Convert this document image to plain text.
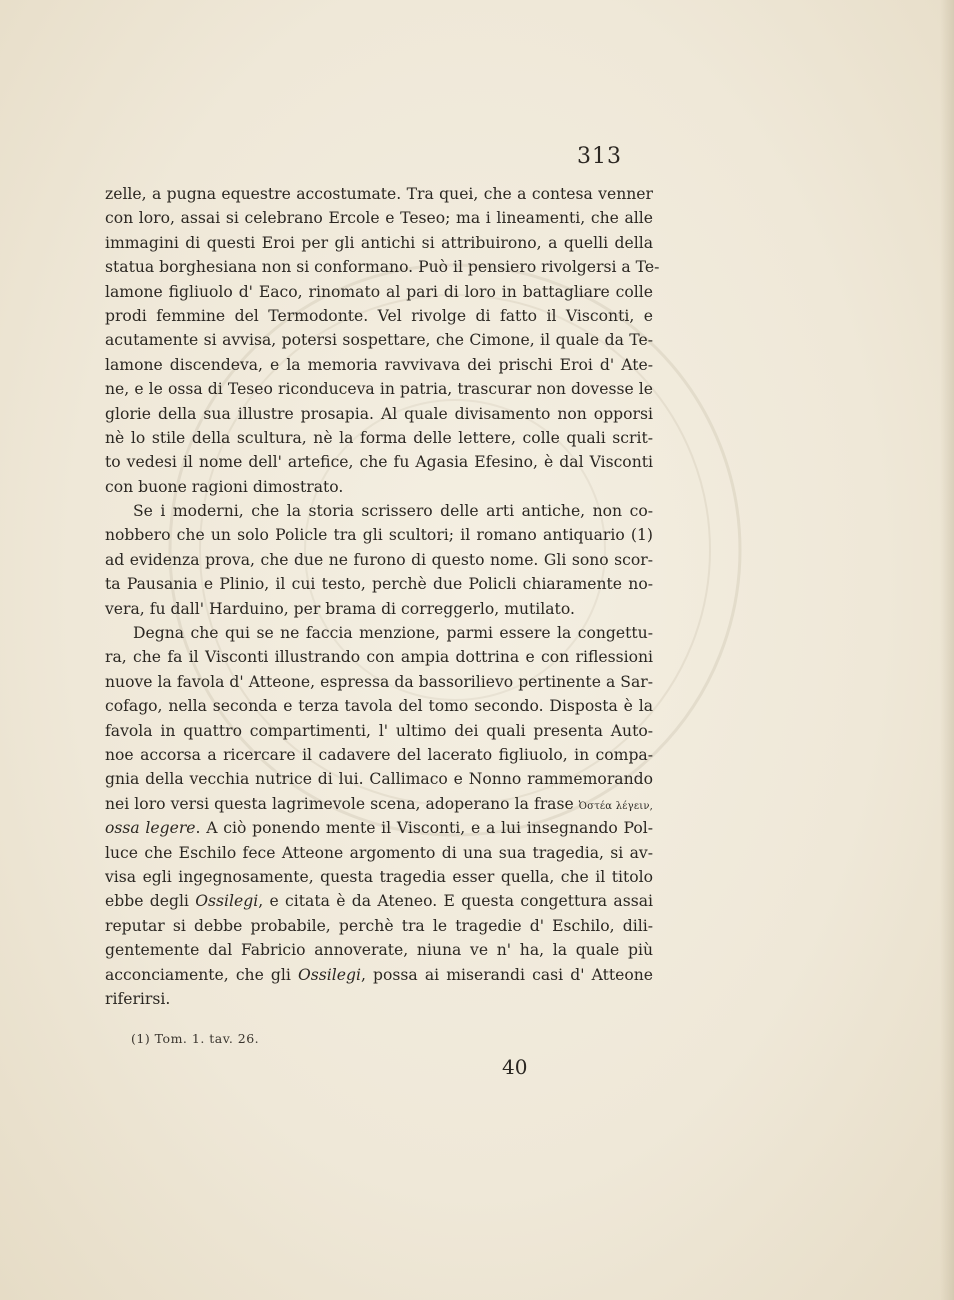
313
zelle, a pugna equestre accostumate. Tra quei, che a contesa venner
con loro, assai si celebrano Ercole e Teseo; ma i lineamenti, che alle
immagini di questi Eroi per gli antichi si attribuirono, a quelli della
statua borghesiana non si conformano. Può il pensiero rivolgersi a Te-
lamone figliuolo d' Eaco, rinomato al pari di loro in battagliare colle
prodi femmine del Termodonte. Vel rivolge di fatto il Visconti, e
acutamente si avvisa, potersi sospettare, che Cimone, il quale da Te-
lamone discendeva, e la memoria ravvivava dei prischi Eroi d' Ate-
ne, e le ossa di Teseo riconduceva in patria, trascurar non dovesse le
glorie della sua illustre prosapia. Al quale divisamento non opporsi
nè lo stile della scultura, nè la forma delle lettere, colle quali scrit-
to vedesi il nome dell' artefice, che fu Agasia Efesino, è dal Visconti
con buone ragioni dimostrato.
Se i moderni, che la storia scrissero delle arti antiche, non co-
nobbero che un solo Policle tra gli scultori; il romano antiquario (1)
ad evidenza prova, che due ne furono di questo nome. Gli sono scor-
ta Pausania e Plinio, il cui testo, perchè due Policli chiaramente no-
vera, fu dall' Harduino, per brama di correggerlo, mutilato.
Degna che qui se ne faccia menzione, parmi essere la congettu-
ra, che fa il Visconti illustrando con ampia dottrina e con riflessioni
nuove la favola d' Atteone, espressa da bassorilievo pertinente a Sar-
cofago, nella seconda e terza tavola del tomo secondo. Disposta è la
favola in quattro compartimenti, l' ultimo dei quali presenta Auto-
noe accorsa a ricercare il cadavere del lacerato figliuolo, in compa-
gnia della vecchia nutrice di lui. Callimaco e Nonno rammemorando
nei loro versi questa lagrimevole scena, adoperano la frase Ὀστέα λέγειν,
ossa legere. A ciò ponendo mente il Visconti, e a lui insegnando Pol-
luce che Eschilo fece Atteone argomento di una sua tragedia, si av-
visa egli ingegnosamente, questa tragedia esser quella, che il titolo
ebbe degli Ossilegi, e citata è da Ateneo. E questa congettura assai
reputar si debbe probabile, perchè tra le tragedie d' Eschilo, dili-
gentemente dal Fabricio annoverate, niuna ve n' ha, la quale più
acconciamente, che gli Ossilegi, possa ai miserandi casi d' Atteone
riferirsi.
(1) Tom. 1. tav. 26.
40
